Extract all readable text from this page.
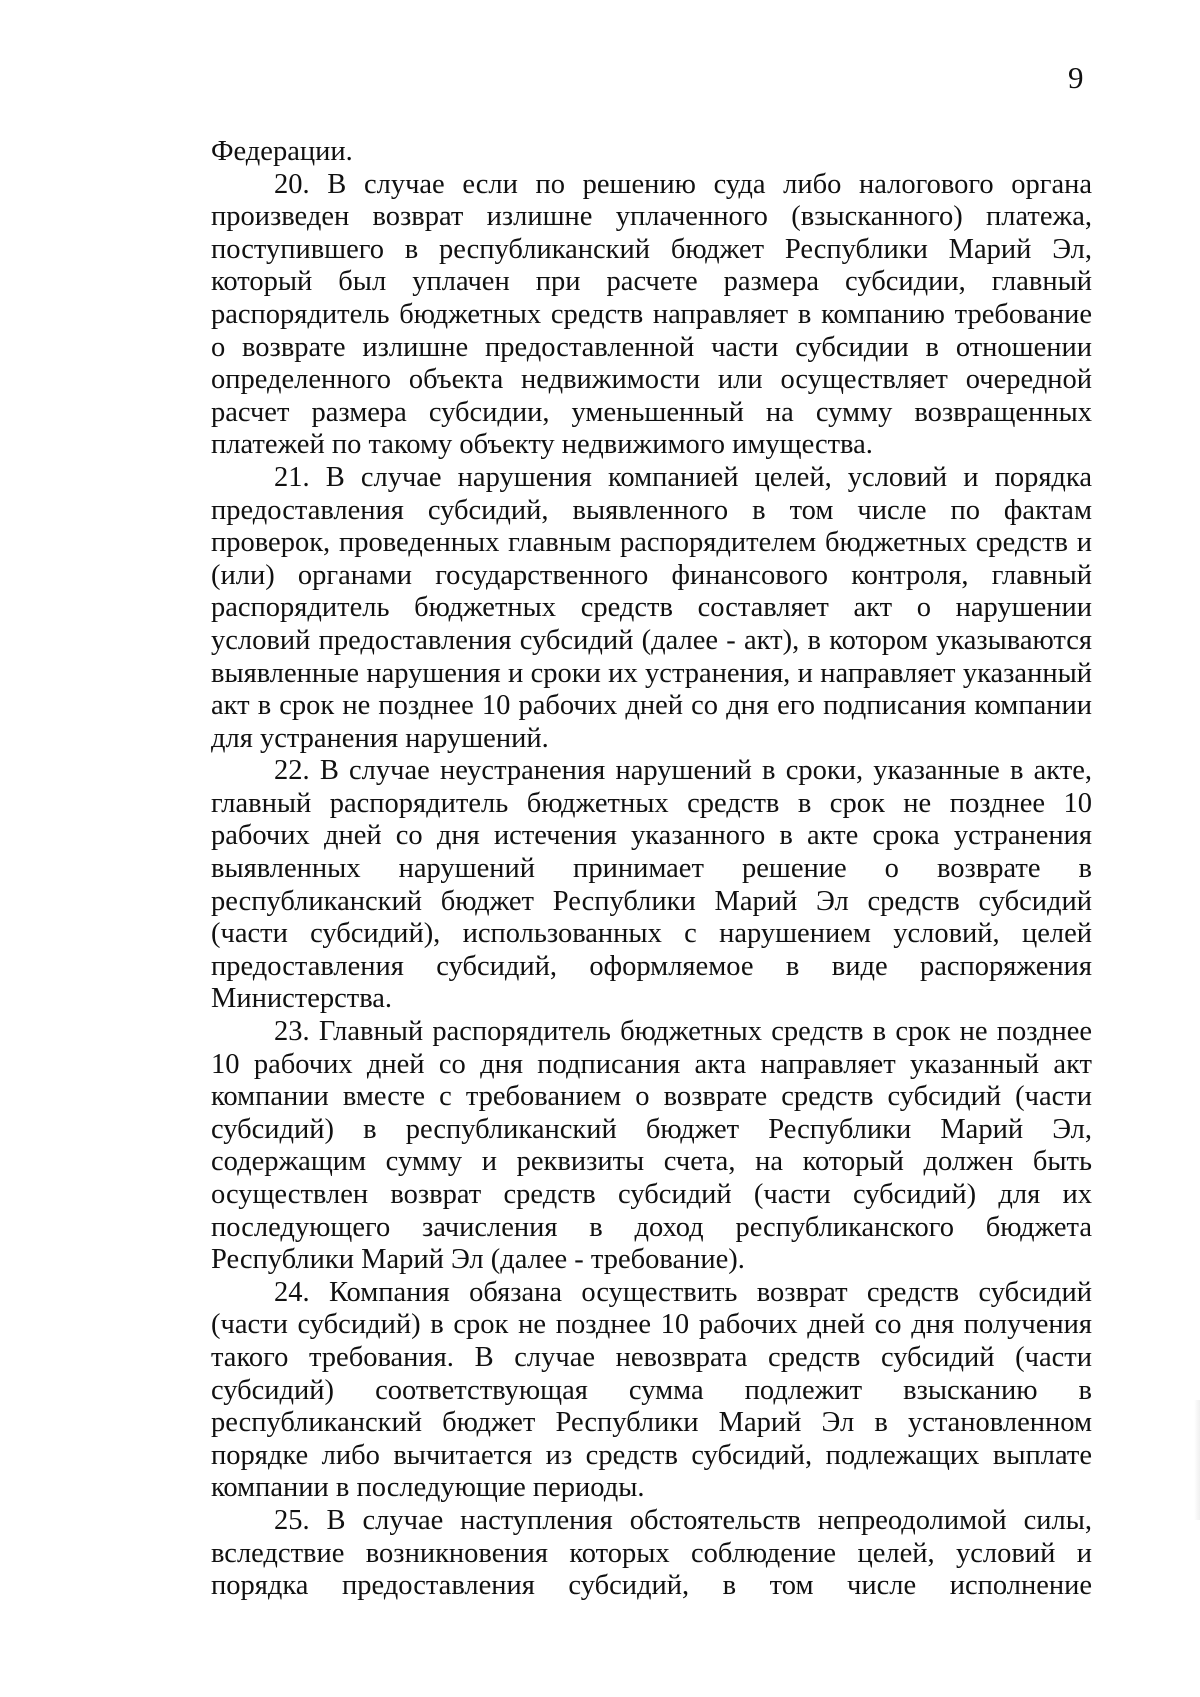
9

Федерации.

20. В случае если по решению суда либо налогового органа произведен возврат излишне уплаченного (взысканного) платежа, поступившего в республиканский бюджет Республики Марий Эл, который был уплачен при расчете размера субсидии, главный распорядитель бюджетных средств направляет в компанию требование о возврате излишне предоставленной части субсидии в отношении определенного объекта недвижимости или осуществляет очередной расчет размера субсидии, уменьшенный на сумму возвращенных платежей по такому объекту недвижимого имущества.

21. В случае нарушения компанией целей, условий и порядка предоставления субсидий, выявленного в том числе по фактам проверок, проведенных главным распорядителем бюджетных средств и (или) органами государственного финансового контроля, главный распорядитель бюджетных средств составляет акт о нарушении условий предоставления субсидий (далее - акт), в котором указываются выявленные нарушения и сроки их устранения, и направляет указанный акт в срок не позднее 10 рабочих дней со дня его подписания компании для устранения нарушений.

22. В случае неустранения нарушений в сроки, указанные в акте, главный распорядитель бюджетных средств в срок не позднее 10 рабочих дней со дня истечения указанного в акте срока устранения выявленных нарушений принимает решение о возврате в республиканский бюджет Республики Марий Эл средств субсидий (части субсидий), использованных с нарушением условий, целей предоставления субсидий, оформляемое в виде распоряжения Министерства.

23. Главный распорядитель бюджетных средств в срок не позднее 10 рабочих дней со дня подписания акта направляет указанный акт компании вместе с требованием о возврате средств субсидий (части субсидий) в республиканский бюджет Республики Марий Эл, содержащим сумму и реквизиты счета, на который должен быть осуществлен возврат средств субсидий (части субсидий) для их последующего зачисления в доход республиканского бюджета Республики Марий Эл (далее - требование).

24. Компания обязана осуществить возврат средств субсидий (части субсидий) в срок не позднее 10 рабочих дней со дня получения такого требования. В случае невозврата средств субсидий (части субсидий) соответствующая сумма подлежит взысканию в республиканский бюджет Республики Марий Эл в установленном порядке либо вычитается из средств субсидий, подлежащих выплате компании в последующие периоды.

25. В случае наступления обстоятельств непреодолимой силы, вследствие возникновения которых соблюдение целей, условий и порядка предоставления субсидий, в том числе исполнение
